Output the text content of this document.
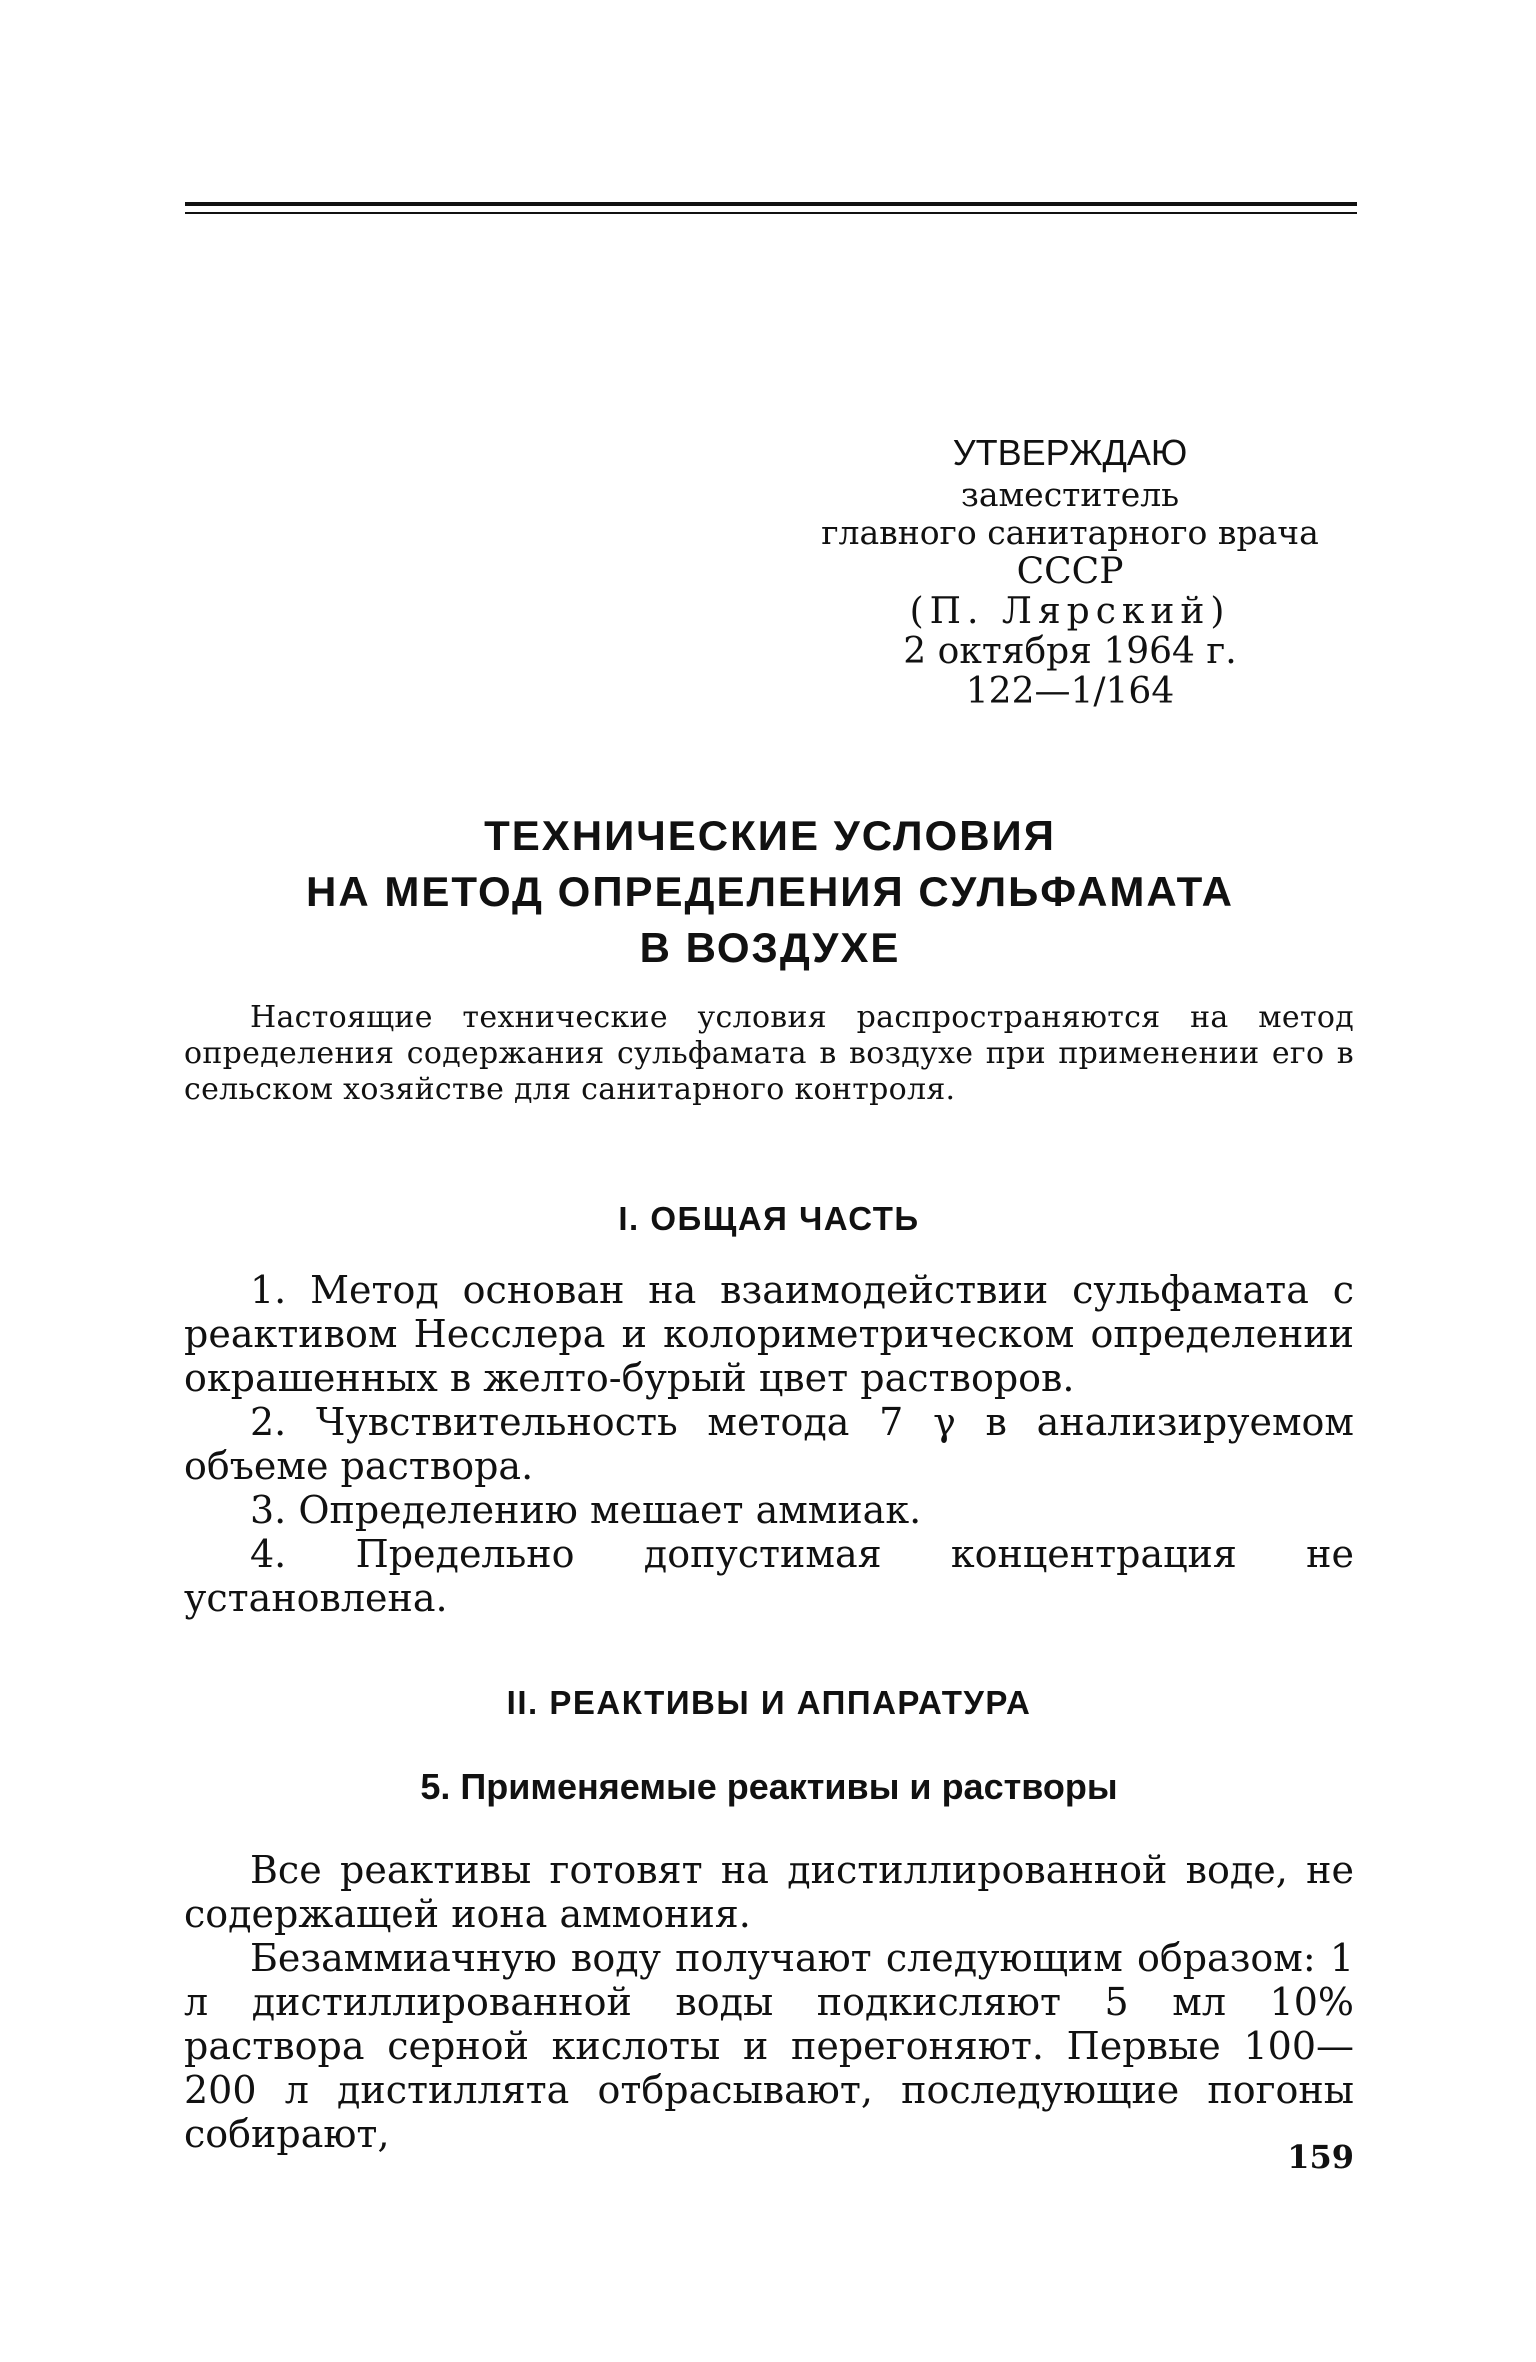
УТВЕРЖДАЮ
заместитель
главного санитарного врача
СССР
(П. Лярский)
2 октября 1964 г.
122—1/164
ТЕХНИЧЕСКИЕ УСЛОВИЯ
НА МЕТОД ОПРЕДЕЛЕНИЯ СУЛЬФАМАТА
В ВОЗДУХЕ
Настоящие технические условия распространяются на метод определения содержания сульфамата в воздухе при применении его в сельском хозяйстве для санитарного контроля.
I. ОБЩАЯ ЧАСТЬ

1. Метод основан на взаимодействии сульфамата с реактивом Несслера и колориметрическом определении окрашенных в желто-бурый цвет растворов.

2. Чувствительность метода 7 γ в анализируемом объеме раствора.

3. Определению мешает аммиак.

4. Предельно допустимая концентрация не установлена.

II. РЕАКТИВЫ И АППАРАТУРА
5. Применяемые реактивы и растворы

Все реактивы готовят на дистиллированной воде, не содержащей иона аммония.

Безаммиачную воду получают следующим образом: 1 л дистиллированной воды подкисляют 5 мл 10% раствора серной кислоты и перегоняют. Первые 100—200 л дистиллята отбрасывают, последующие погоны собирают,

159
